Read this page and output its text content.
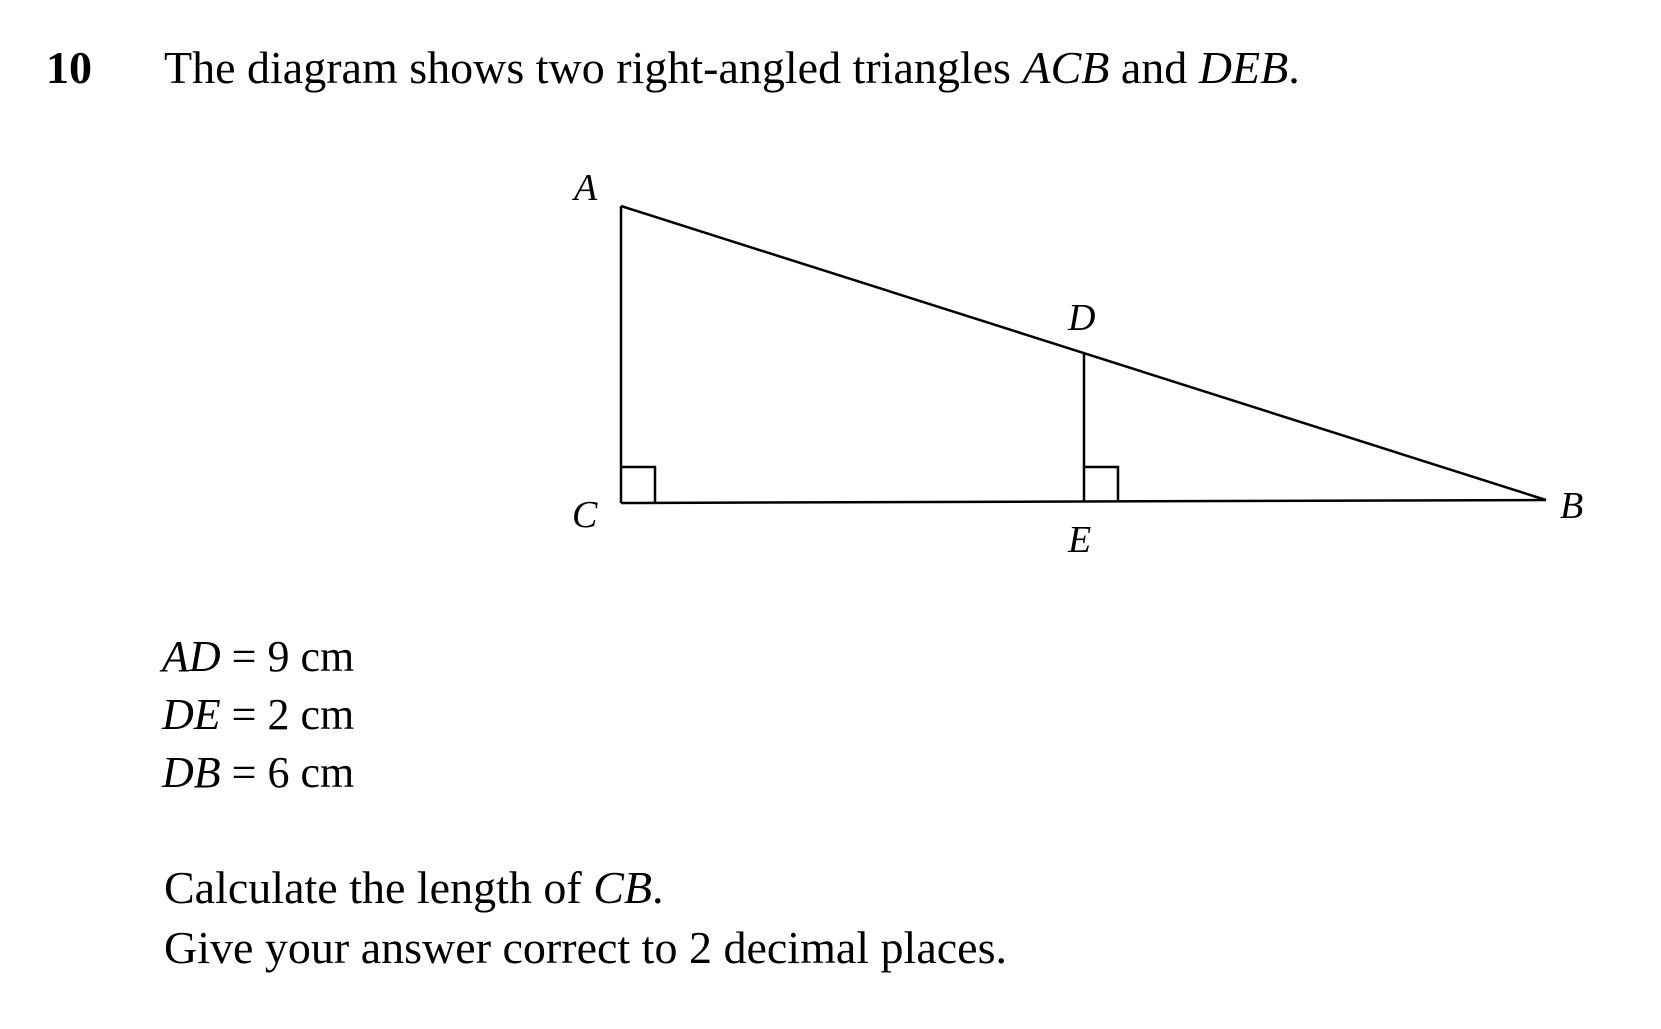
10 The diagram shows two right-angled triangles ACB and DEB.
A
B
C
D
E
AD = 9 cm
DE = 2 cm
DB = 6 cm
Calculate the length of CB.
Give your answer correct to 2 decimal places.
